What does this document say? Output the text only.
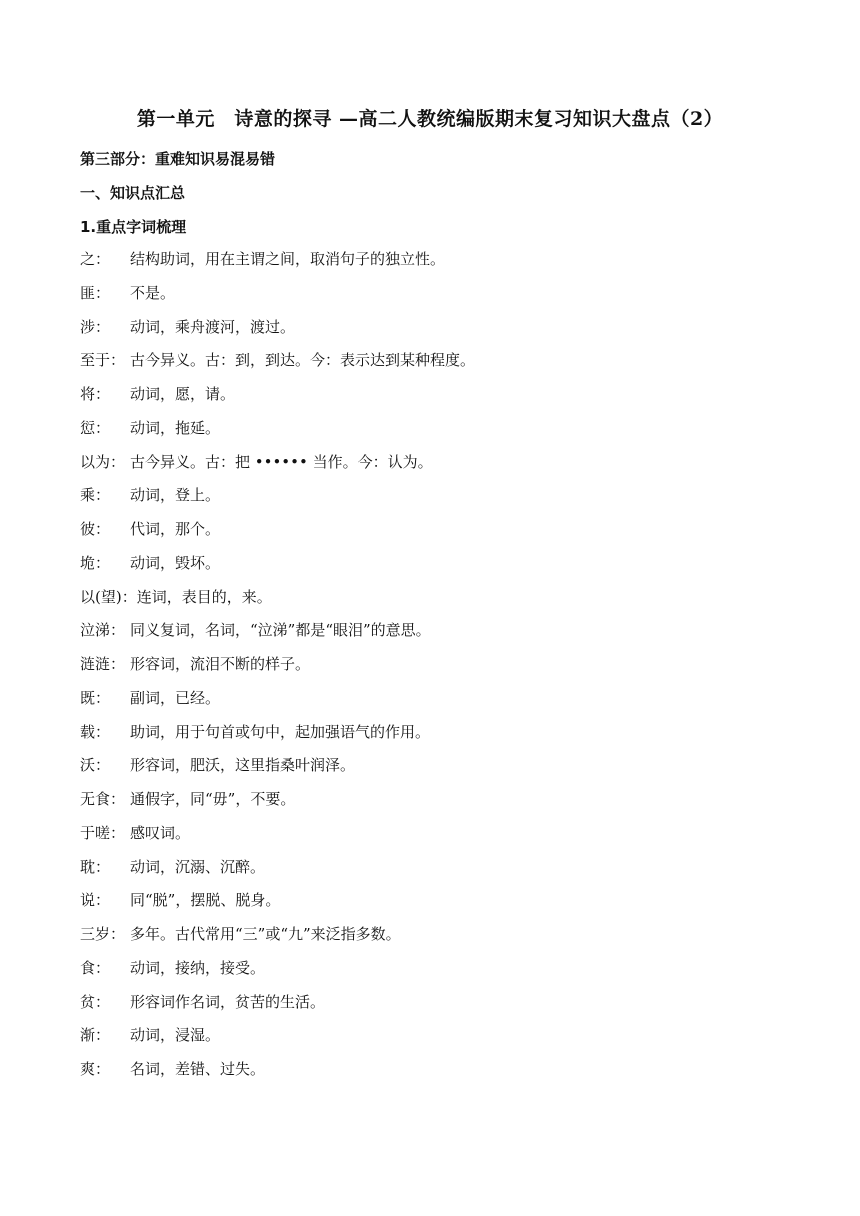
第一单元　诗意的探寻 —高二人教统编版期末复习知识大盘点（2）
第三部分：重难知识易混易错
一、知识点汇总
1.重点字词梳理
之：	结构助词，用在主谓之间，取消句子的独立性。
匪：	不是。
涉：	动词，乘舟渡河，渡过。
至于： 古今异义。古：到，到达。今：表示达到某种程度。
将：	动词，愿，请。
愆：	动词，拖延。
以为： 古今异义。古：把 •••••• 当作。今：认为。
乘：	动词，登上。
彼：	代词，那个。
垝：	动词，毁坏。
以(望)： 连词，表目的，来。
泣涕： 同义复词，名词，“泣涕”都是“眼泪”的意思。
涟涟： 形容词，流泪不断的样子。
既：	副词，已经。
载：	助词，用于句首或句中，起加强语气的作用。
沃：	形容词，肥沃，这里指桑叶润泽。
无食： 通假字，同“毋”，不要。
于嗟： 感叹词。
耽：	动词，沉溺、沉醉。
说：	同“脱”，摆脱、脱身。
三岁： 多年。古代常用“三”或“九”来泛指多数。
食：	动词，接纳，接受。
贫：	形容词作名词，贫苦的生活。
渐：	动词，浸湿。
爽：	名词，差错、过失。
